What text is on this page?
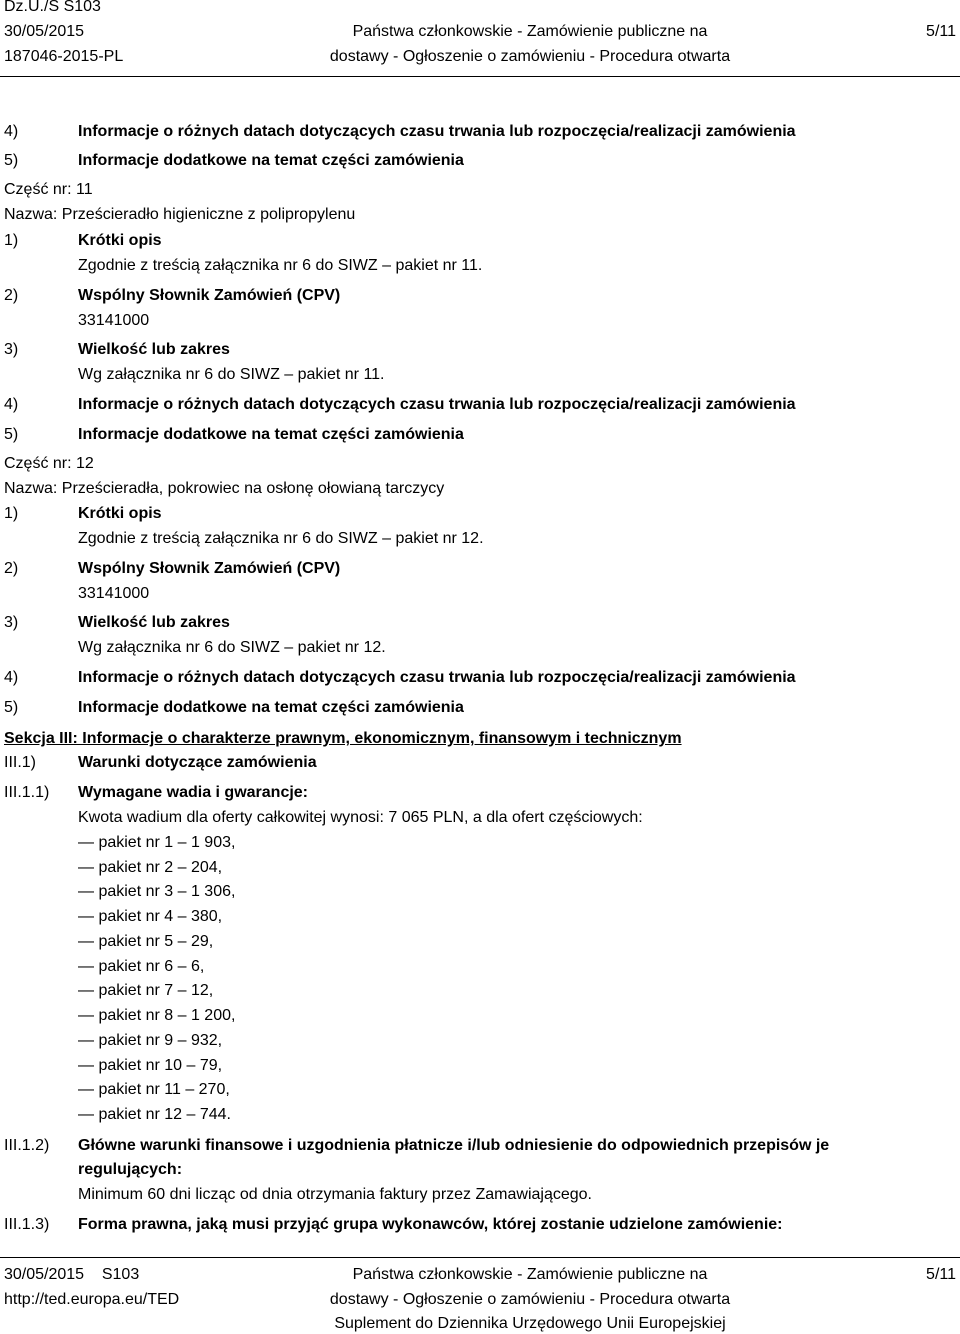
Dz.U./S S103
30/05/2015
187046-2015-PL
Państwa członkowskie - Zamówienie publiczne na
dostawy - Ogłoszenie o zamówieniu - Procedura otwarta
5/11
4)	Informacje o różnych datach dotyczących czasu trwania lub rozpoczęcia/realizacji zamówienia
5)	Informacje dodatkowe na temat części zamówienia
Część nr: 11
Nazwa: Prześcieradło higieniczne z polipropylenu
1)	Krótki opis
Zgodnie z treścią załącznika nr 6 do SIWZ – pakiet nr 11.
2)	Wspólny Słownik Zamówień (CPV)
33141000
3)	Wielkość lub zakres
Wg załącznika nr 6 do SIWZ – pakiet nr 11.
4)	Informacje o różnych datach dotyczących czasu trwania lub rozpoczęcia/realizacji zamówienia
5)	Informacje dodatkowe na temat części zamówienia
Część nr: 12
Nazwa: Prześcieradła, pokrowiec na osłonę ołowianą tarczycy
1)	Krótki opis
Zgodnie z treścią załącznika nr 6 do SIWZ – pakiet nr 12.
2)	Wspólny Słownik Zamówień (CPV)
33141000
3)	Wielkość lub zakres
Wg załącznika nr 6 do SIWZ – pakiet nr 12.
4)	Informacje o różnych datach dotyczących czasu trwania lub rozpoczęcia/realizacji zamówienia
5)	Informacje dodatkowe na temat części zamówienia
Sekcja III: Informacje o charakterze prawnym, ekonomicznym, finansowym i technicznym
III.1)	Warunki dotyczące zamówienia
III.1.1) Wymagane wadia i gwarancje:
Kwota wadium dla oferty całkowitej wynosi: 7 065 PLN, a dla ofert częściowych:
— pakiet nr 1 – 1 903,
— pakiet nr 2 – 204,
— pakiet nr 3 – 1 306,
— pakiet nr 4 – 380,
— pakiet nr 5 – 29,
— pakiet nr 6 – 6,
— pakiet nr 7 – 12,
— pakiet nr 8 – 1 200,
— pakiet nr 9 – 932,
— pakiet nr 10 – 79,
— pakiet nr 11 – 270,
— pakiet nr 12 – 744.
III.1.2) Główne warunki finansowe i uzgodnienia płatnicze i/lub odniesienie do odpowiednich przepisów je
regulujących:
Minimum 60 dni licząc od dnia otrzymania faktury przez Zamawiającego.
III.1.3) Forma prawna, jaką musi przyjąć grupa wykonawców, której zostanie udzielone zamówienie:
30/05/2015    S103
http://ted.europa.eu/TED
Państwa członkowskie - Zamówienie publiczne na
dostawy - Ogłoszenie o zamówieniu - Procedura otwarta
Suplement do Dziennika Urzędowego Unii Europejskiej
5/11
